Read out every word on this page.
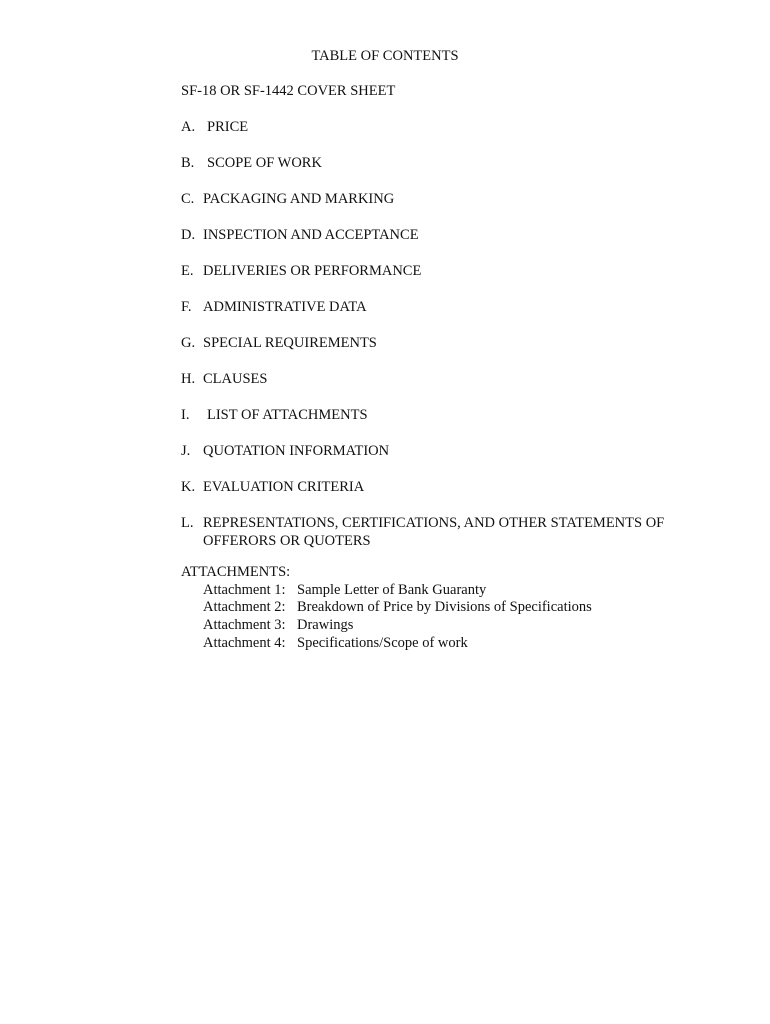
TABLE OF CONTENTS
SF-18 OR SF-1442 COVER SHEET
A. PRICE
B. SCOPE OF WORK
C. PACKAGING AND MARKING
D. INSPECTION AND ACCEPTANCE
E. DELIVERIES OR PERFORMANCE
F. ADMINISTRATIVE DATA
G. SPECIAL REQUIREMENTS
H. CLAUSES
I.	LIST OF ATTACHMENTS
J. QUOTATION INFORMATION
K. EVALUATION CRITERIA
L. REPRESENTATIONS, CERTIFICATIONS, AND OTHER STATEMENTS OF OFFERORS OR QUOTERS
ATTACHMENTS:
Attachment 1: Sample Letter of Bank Guaranty
Attachment 2: Breakdown of Price by Divisions of Specifications
Attachment 3: Drawings
Attachment 4: Specifications/Scope of work
